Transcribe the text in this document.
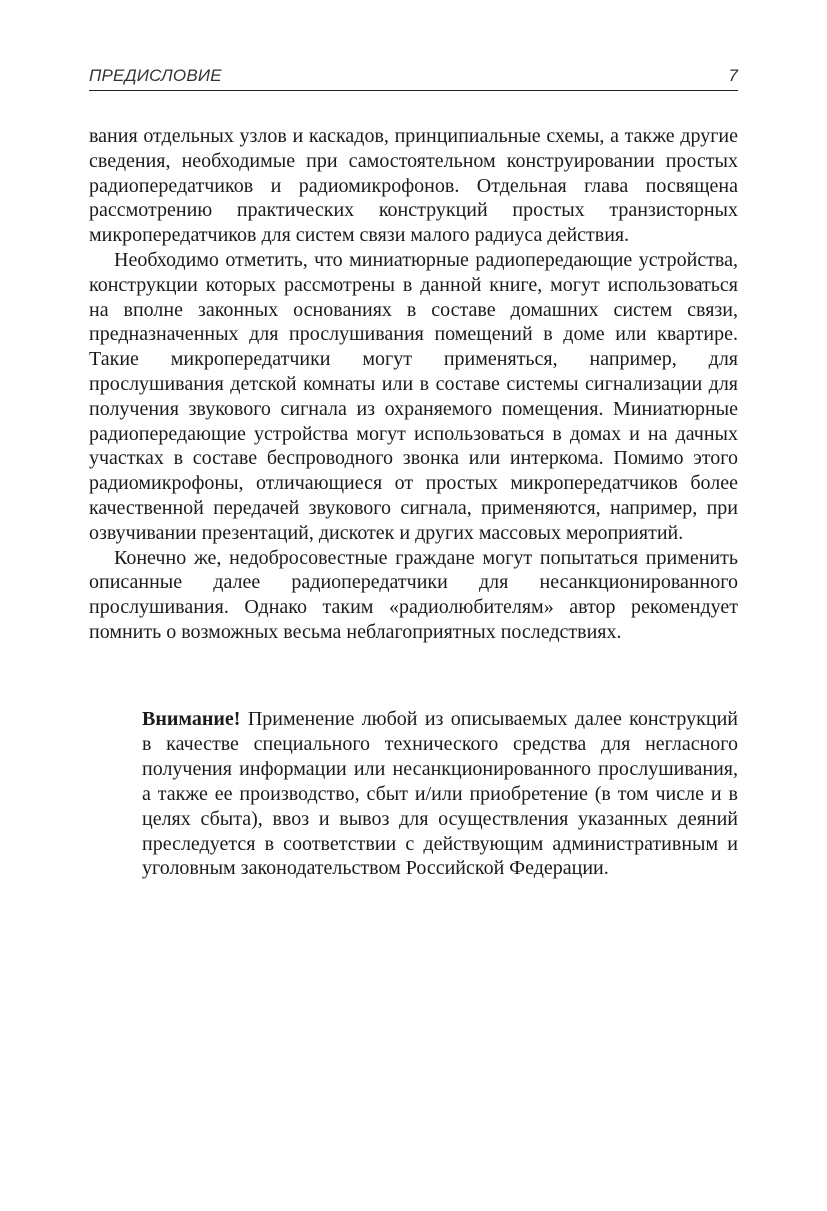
ПРЕДИСЛОВИЕ	7

вания отдельных узлов и каскадов, принципиальные схемы, а также другие сведения, необходимые при самостоятельном конструировании простых радиопередатчиков и радиомикрофонов. Отдельная глава посвящена рассмотрению практических конструкций простых транзисторных микропередатчиков для систем связи малого радиуса действия.

Необходимо отметить, что миниатюрные радиопередающие устройства, конструкции которых рассмотрены в данной книге, могут использоваться на вполне законных основаниях в составе домашних систем связи, предназначенных для прослушивания помещений в доме или квартире. Такие микропередатчики могут применяться, например, для прослушивания детской комнаты или в составе системы сигнализации для получения звукового сигнала из охраняемого помещения. Миниатюрные радиопередающие устройства могут использоваться в домах и на дачных участках в составе беспроводного звонка или интеркома. Помимо этого радиомикрофоны, отличающиеся от простых микропередатчиков более качественной передачей звукового сигнала, применяются, например, при озвучивании презентаций, дискотек и других массовых мероприятий.

Конечно же, недобросовестные граждане могут попытаться применить описанные далее радиопередатчики для несанкционированного прослушивания. Однако таким «радиолюбителям» автор рекомендует помнить о возможных весьма неблагоприятных последствиях.

Внимание! Применение любой из описываемых далее конструкций в качестве специального технического средства для негласного получения информации или несанкционированного прослушивания, а также ее производство, сбыт и/или приобретение (в том числе и в целях сбыта), ввоз и вывоз для осуществления указанных деяний преследуется в соответствии с действующим административным и уголовным законодательством Российской Федерации.
